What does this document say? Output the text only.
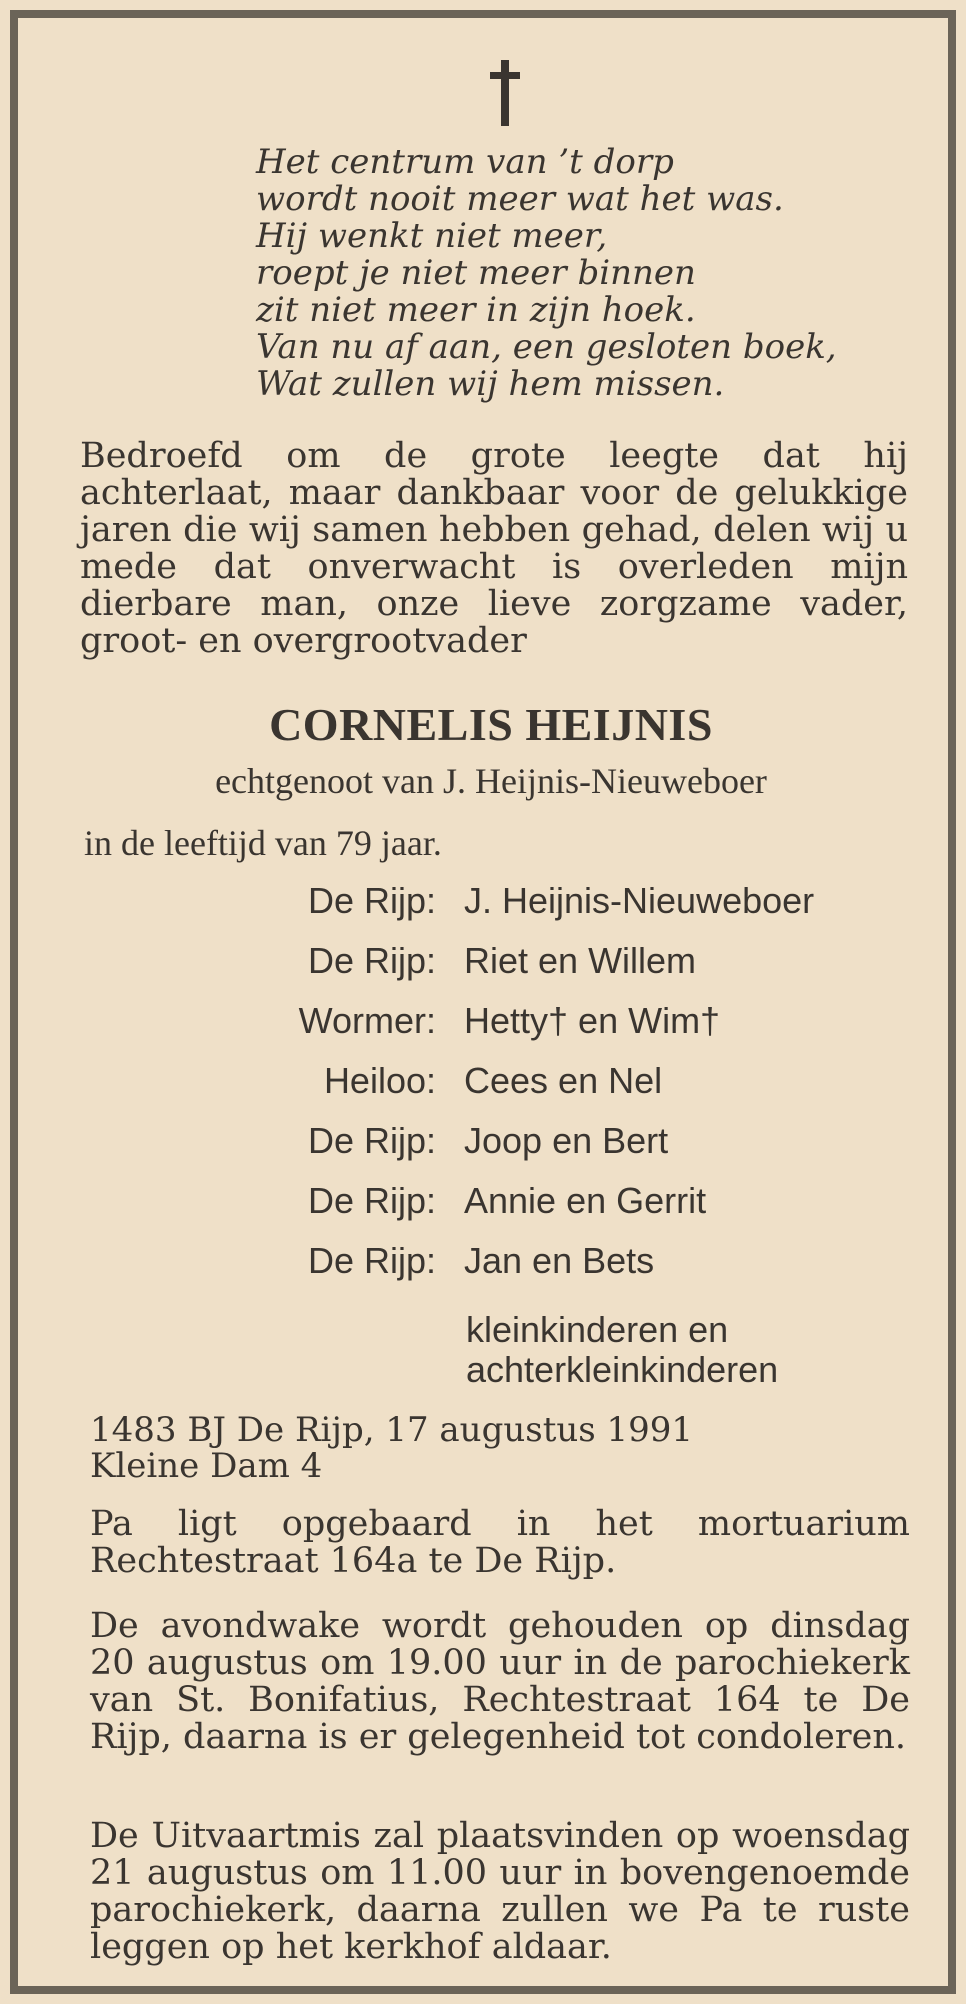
Het centrum van ’t dorp
wordt nooit meer wat het was.
Hij wenkt niet meer,
roept je niet meer binnen
zit niet meer in zijn hoek.
Van nu af aan, een gesloten boek,
Wat zullen wij hem missen.
Bedroefd om de grote leegte dat hij achterlaat, maar dankbaar voor de gelukkige jaren die wij samen hebben gehad, delen wij u mede dat onverwacht is overleden mijn dierbare man, onze lieve zorgzame vader, groot- en overgrootvader
CORNELIS HEIJNIS
echtgenoot van J. Heijnis-Nieuweboer
in de leeftijd van 79 jaar.
De Rijp: J. Heijnis-Nieuweboer
De Rijp: Riet en Willem
Wormer: Hetty† en Wim†
Heiloo: Cees en Nel
De Rijp: Joop en Bert
De Rijp: Annie en Gerrit
De Rijp: Jan en Bets
kleinkinderen en
achterkleinkinderen
1483 BJ De Rijp, 17 augustus 1991
Kleine Dam 4
Pa ligt opgebaard in het mortuarium Rechtestraat 164a te De Rijp.
De avondwake wordt gehouden op dinsdag 20 augustus om 19.00 uur in de parochiekerk van St. Bonifatius, Rechtestraat 164 te De Rijp, daarna is er gelegenheid tot condoleren.
De Uitvaartmis zal plaatsvinden op woensdag 21 augustus om 11.00 uur in bovengenoemde parochiekerk, daarna zullen we Pa te ruste leggen op het kerkhof aldaar.
